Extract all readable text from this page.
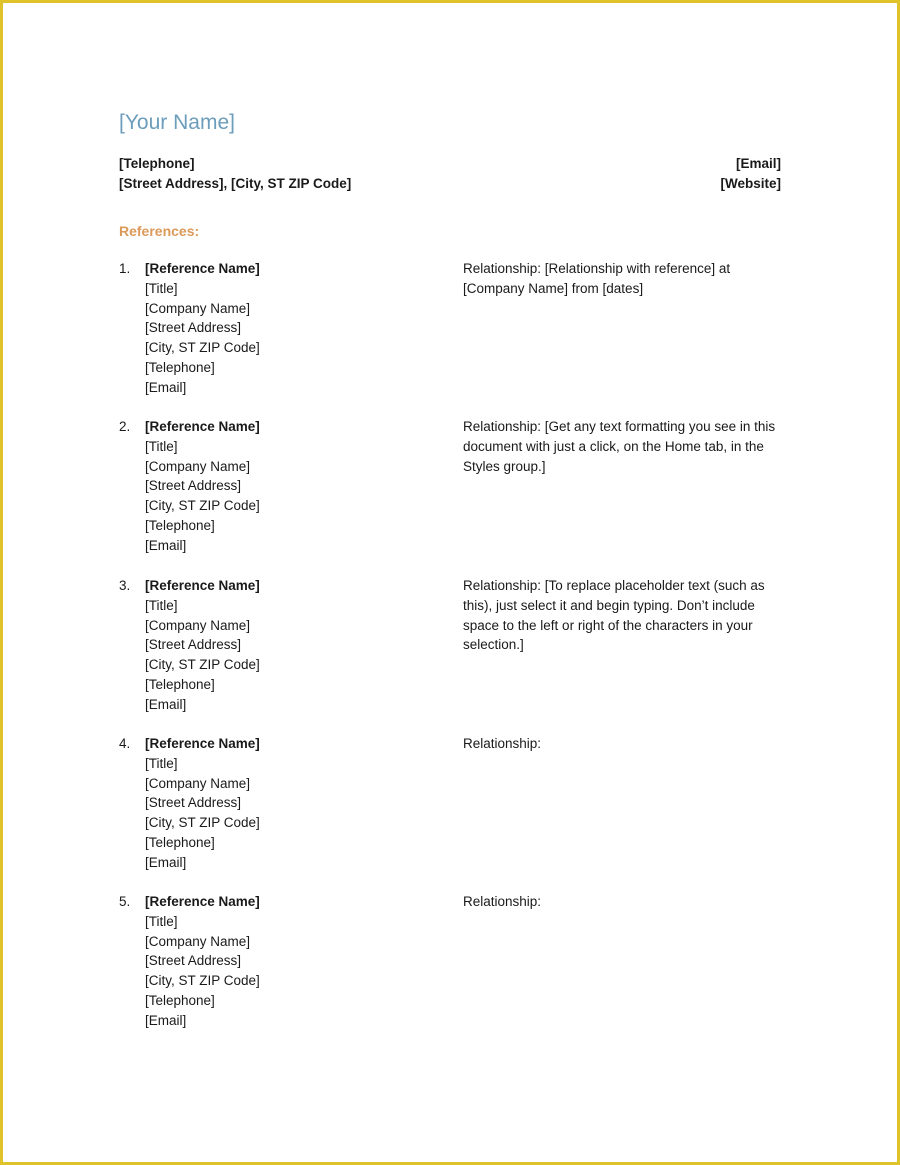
[Your Name]
[Telephone]
[Street Address], [City, ST ZIP Code]
[Email]
[Website]
References:
1. [Reference Name]
[Title]
[Company Name]
[Street Address]
[City, ST ZIP Code]
[Telephone]
[Email]
Relationship: [Relationship with reference] at [Company Name] from [dates]
2. [Reference Name]
[Title]
[Company Name]
[Street Address]
[City, ST ZIP Code]
[Telephone]
[Email]
Relationship: [Get any text formatting you see in this document with just a click, on the Home tab, in the Styles group.]
3. [Reference Name]
[Title]
[Company Name]
[Street Address]
[City, ST ZIP Code]
[Telephone]
[Email]
Relationship: [To replace placeholder text (such as this), just select it and begin typing. Don’t include space to the left or right of the characters in your selection.]
4. [Reference Name]
[Title]
[Company Name]
[Street Address]
[City, ST ZIP Code]
[Telephone]
[Email]
Relationship:
5. [Reference Name]
[Title]
[Company Name]
[Street Address]
[City, ST ZIP Code]
[Telephone]
[Email]
Relationship:
